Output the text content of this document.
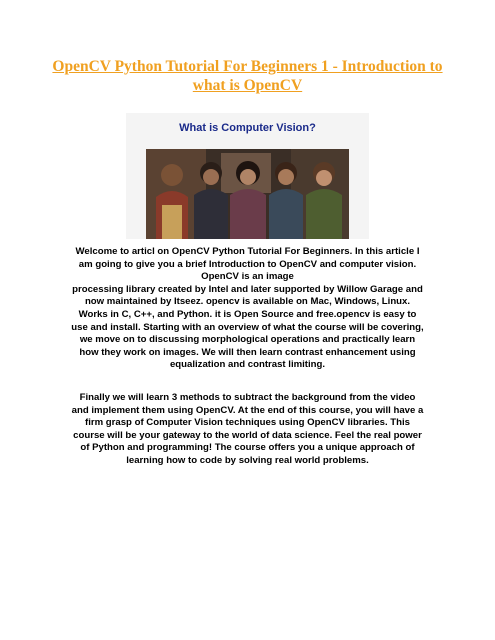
OpenCV Python Tutorial For Beginners 1 - Introduction to what is OpenCV
What is Computer Vision?
Welcome to articl on OpenCV Python Tutorial For Beginners. In this article I
am going to give you a brief Introduction to OpenCV and computer vision.
OpenCV is an image
processing library created by Intel and later supported by Willow Garage and
now maintained by Itseez. opencv is available on Mac, Windows, Linux.
Works in C, C++, and Python. it is Open Source and free.opencv is easy to
use and install. Starting with an overview of what the course will be covering,
we move on to discussing morphological operations and practically learn
how they work on images. We will then learn contrast enhancement using
equalization and contrast limiting.
Finally we will learn 3 methods to subtract the background from the video
and implement them using OpenCV. At the end of this course, you will have a
firm grasp of Computer Vision techniques using OpenCV libraries. This
course will be your gateway to the world of data science. Feel the real power
of Python and programming! The course offers you a unique approach of
learning how to code by solving real world problems.
